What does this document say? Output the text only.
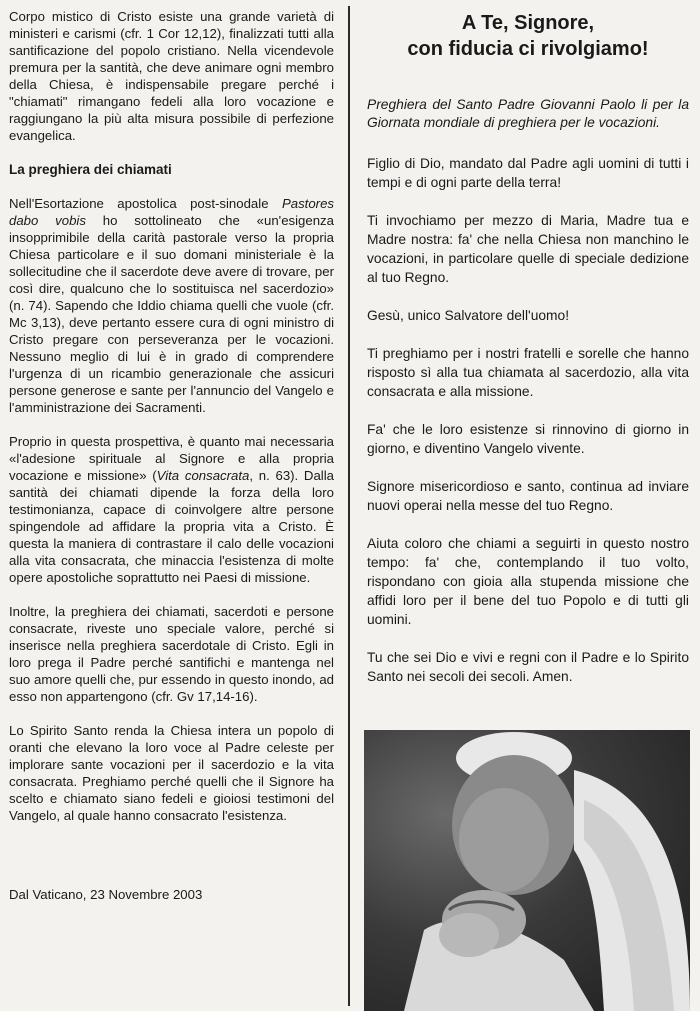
Corpo mistico di Cristo esiste una grande varietà di ministeri e carismi (cfr. 1 Cor 12,12), finalizzati tutti alla santificazione del popolo cristiano. Nella vicendevole premura per la santità, che deve animare ogni membro della Chiesa, è indispensabile pregare perché i "chiamati" rimangano fedeli alla loro vocazione e raggiungano la più alta misura possibile di perfezione evangelica.

La preghiera dei chiamati

Nell'Esortazione apostolica post-sinodale Pastores dabo vobis ho sottolineato che «un'esigenza insopprimibile della carità pastorale verso la propria Chiesa particolare e il suo domani ministeriale è la sollecitudine che il sacerdote deve avere di trovare, per così dire, qualcuno che lo sostituisca nel sacerdozio» (n. 74). Sapendo che Iddio chiama quelli che vuole (cfr. Mc 3,13), deve pertanto essere cura di ogni ministro di Cristo pregare con perseveranza per le vocazioni. Nessuno meglio di lui è in grado di comprendere l'urgenza di un ricambio generazionale che assicuri persone generose e sante per l'annuncio del Vangelo e l'amministrazione dei Sacramenti.

Proprio in questa prospettiva, è quanto mai necessaria «l'adesione spirituale al Signore e alla propria vocazione e missione» (Vita consacrata, n. 63). Dalla santità dei chiamati dipende la forza della loro testimonianza, capace di coinvolgere altre persone spingendole ad affidare la propria vita a Cristo. È questa la maniera di contrastare il calo delle vocazioni alla vita consacrata, che minaccia l'esistenza di molte opere apostoliche soprattutto nei Paesi di missione.

Inoltre, la preghiera dei chiamati, sacerdoti e persone consacrate, riveste uno speciale valore, perché si inserisce nella preghiera sacerdotale di Cristo. Egli in loro prega il Padre perché santifichi e mantenga nel suo amore quelli che, pur essendo in questo inondo, ad esso non appartengono (cfr. Gv 17,14-16).

Lo Spirito Santo renda la Chiesa intera un popolo di oranti che elevano la loro voce al Padre celeste per implorare sante vocazioni per il sacerdozio e la vita consacrata. Preghiamo perché quelli che il Signore ha scelto e chiamato siano fedeli e gioiosi testimoni del Vangelo, al quale hanno consacrato l'esistenza.

Dal Vaticano, 23 Novembre 2003
A Te, Signore,
con fiducia ci rivolgiamo!

Preghiera del Santo Padre Giovanni Paolo li per la Giornata mondiale di preghiera per le vocazioni.

Figlio di Dio, mandato dal Padre agli uomini di tutti i tempi e di ogni parte della terra!

Ti invochiamo per mezzo di Maria, Madre tua e Madre nostra: fa' che nella Chiesa non manchino le vocazioni, in particolare quelle di speciale dedizione al tuo Regno.

Gesù, unico Salvatore dell'uomo!

Ti preghiamo per i nostri fratelli e sorelle che hanno risposto sì alla tua chiamata al sacerdozio, alla vita consacrata e alla missione.

Fa' che le loro esistenze si rinnovino di giorno in giorno, e diventino Vangelo vivente.

Signore misericordioso e santo, continua ad inviare nuovi operai nella messe del tuo Regno.

Aiuta coloro che chiami a seguirti in questo nostro tempo: fa' che, contemplando il tuo volto, rispondano con gioia alla stupenda missione che affidi loro per il bene del tuo Popolo e di tutti gli uomini.

Tu che sei Dio e vivi e regni con il Padre e lo Spirito Santo nei secoli dei secoli. Amen.
